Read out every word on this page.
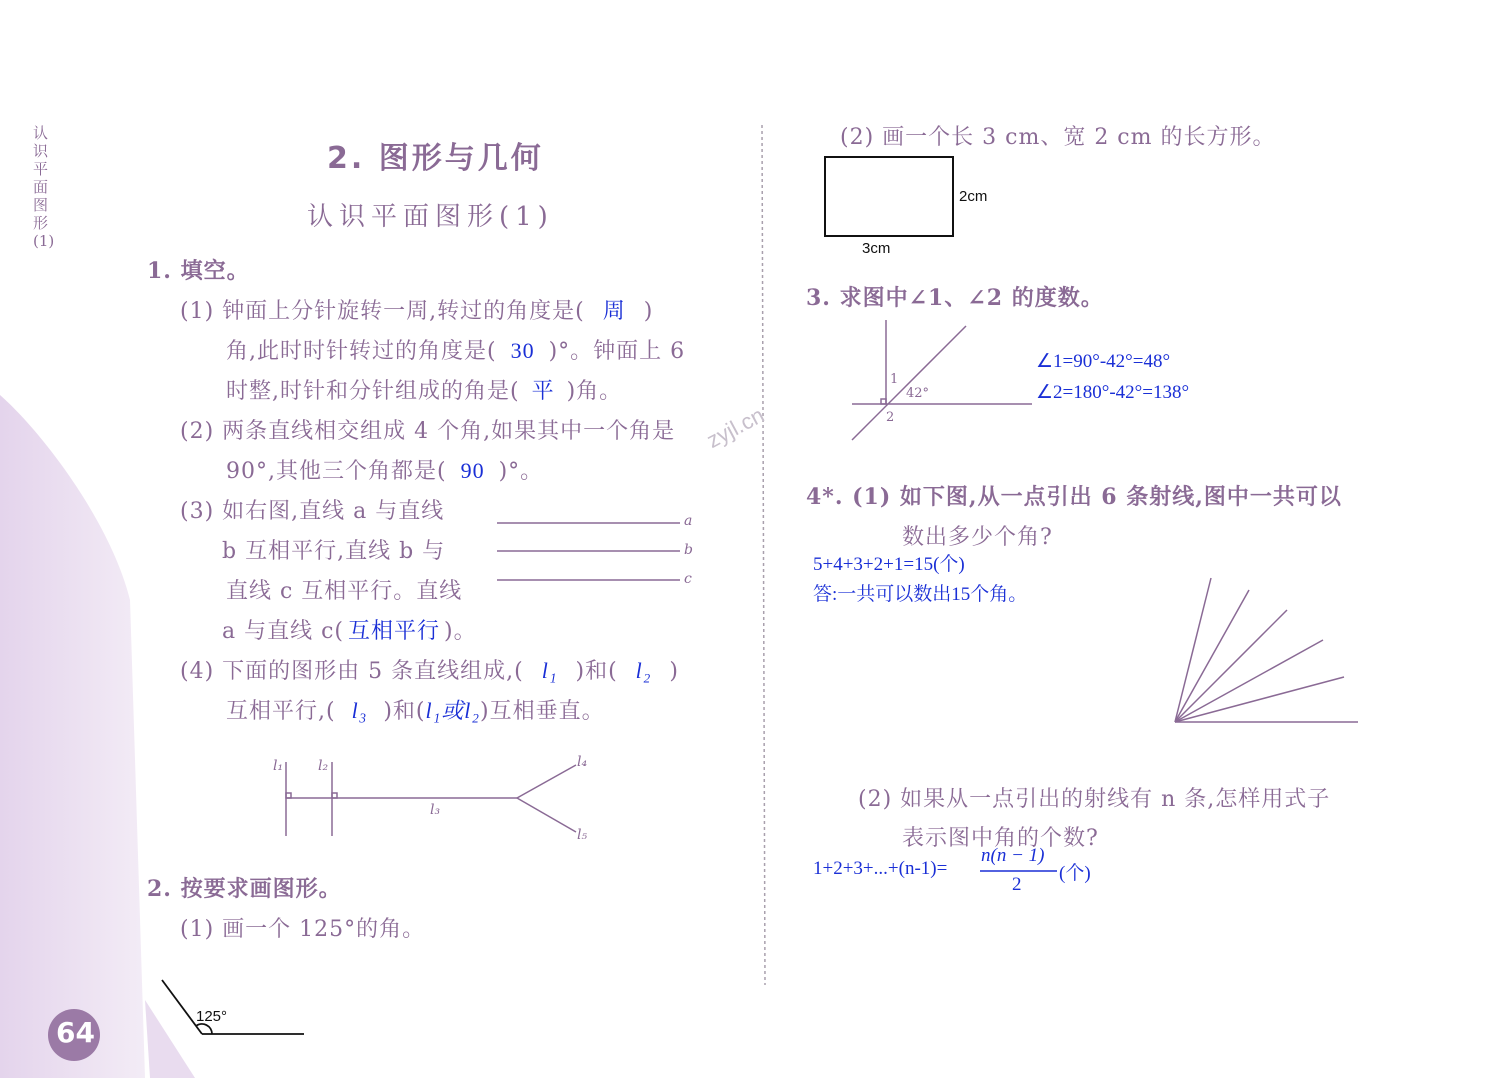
认识平面图形(1)
64
2. 图形与几何
认识平面图形(1)
1. 填空。
(1) 钟面上分针旋转一周,转过的角度是( 周 )
角,此时时针转过的角度是( 30 )°。钟面上 6
时整,时针和分针组成的角是( 平 )角。
(2) 两条直线相交组成 4 个角,如果其中一个角是
90°,其他三个角都是( 90 )°。
(3) 如右图,直线 a 与直线
b 互相平行,直线 b 与
直线 c 互相平行。直线
a 与直线 c( 互相平行 )。
a
b
c
(4) 下面的图形由 5 条直线组成,( l₁ )和( l₂ )
互相平行,( l₃ )和(l₁或l₂)互相垂直。
l₁ l₂
l₃
l₄
l₅
2. 按要求画图形。
(1) 画一个 125°的角。
125°
(2) 画一个长 3 cm、宽 2 cm 的长方形。
3cm
2cm
3. 求图中∠1、∠2 的度数。
1
42°
2
∠1=90°-42°=48°
∠2=180°-42°=138°
4*. (1) 如下图,从一点引出 6 条射线,图中一共可以
数出多少个角?
5+4+3+2+1=15(个)
答:一共可以数出15个角。
(2) 如果从一点引出的射线有 n 条,怎样用式子
表示图中角的个数?
1+2+3+...+(n-1)=
n(n − 1)
2
(个)
zyjl.cn
